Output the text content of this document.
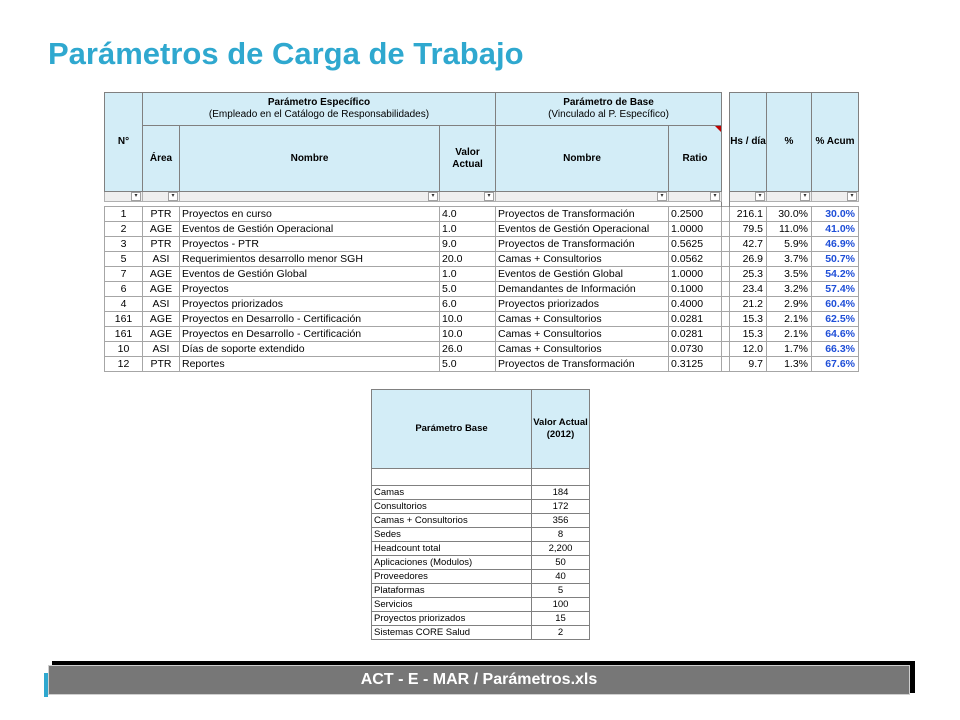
Parámetros de Carga de Trabajo
N°	Parámetro Específico
(Empleado en el Catálogo de Responsabilidades)			Parámetro de Base
(Vinculado al P. Específico)			Hs / día	%	% Acum
	Área	Nombre	Valor Actual	Nombre	Ratio				

▾	▾	▾	▾	▾	▾		▾	▾	▾

1	PTR	Proyectos en curso	4.0	Proyectos de Transformación	0.2500		216.1	30.0%	30.0%
2	AGE	Eventos de Gestión Operacional	1.0	Eventos de Gestión Operacional	1.0000		79.5	11.0%	41.0%
3	PTR	Proyectos - PTR	9.0	Proyectos de Transformación	0.5625		42.7	5.9%	46.9%
5	ASI	Requerimientos desarrollo menor SGH	20.0	Camas + Consultorios	0.0562		26.9	3.7%	50.7%
7	AGE	Eventos de Gestión Global	1.0	Eventos de Gestión Global	1.0000		25.3	3.5%	54.2%
6	AGE	Proyectos	5.0	Demandantes de Información	0.1000		23.4	3.2%	57.4%
4	ASI	Proyectos priorizados	6.0	Proyectos priorizados	0.4000		21.2	2.9%	60.4%
161	AGE	Proyectos en Desarrollo - Certificación	10.0	Camas + Consultorios	0.0281		15.3	2.1%	62.5%
161	AGE	Proyectos en Desarrollo - Certificación	10.0	Camas + Consultorios	0.0281		15.3	2.1%	64.6%
10	ASI	Días de soporte extendido	26.0	Camas + Consultorios	0.0730		12.0	1.7%	66.3%
12	PTR	Reportes	5.0	Proyectos de Transformación	0.3125		9.7	1.3%	67.6%
Parámetro Base	Valor Actual (2012)

Camas	184
Consultorios	172
Camas + Consultorios	356
Sedes	8
Headcount total	2,200
Aplicaciones (Modulos)	50
Proveedores	40
Plataformas	5
Servicios	100
Proyectos priorizados	15
Sistemas CORE Salud	2
ACT - E - MAR / Parámetros.xls
